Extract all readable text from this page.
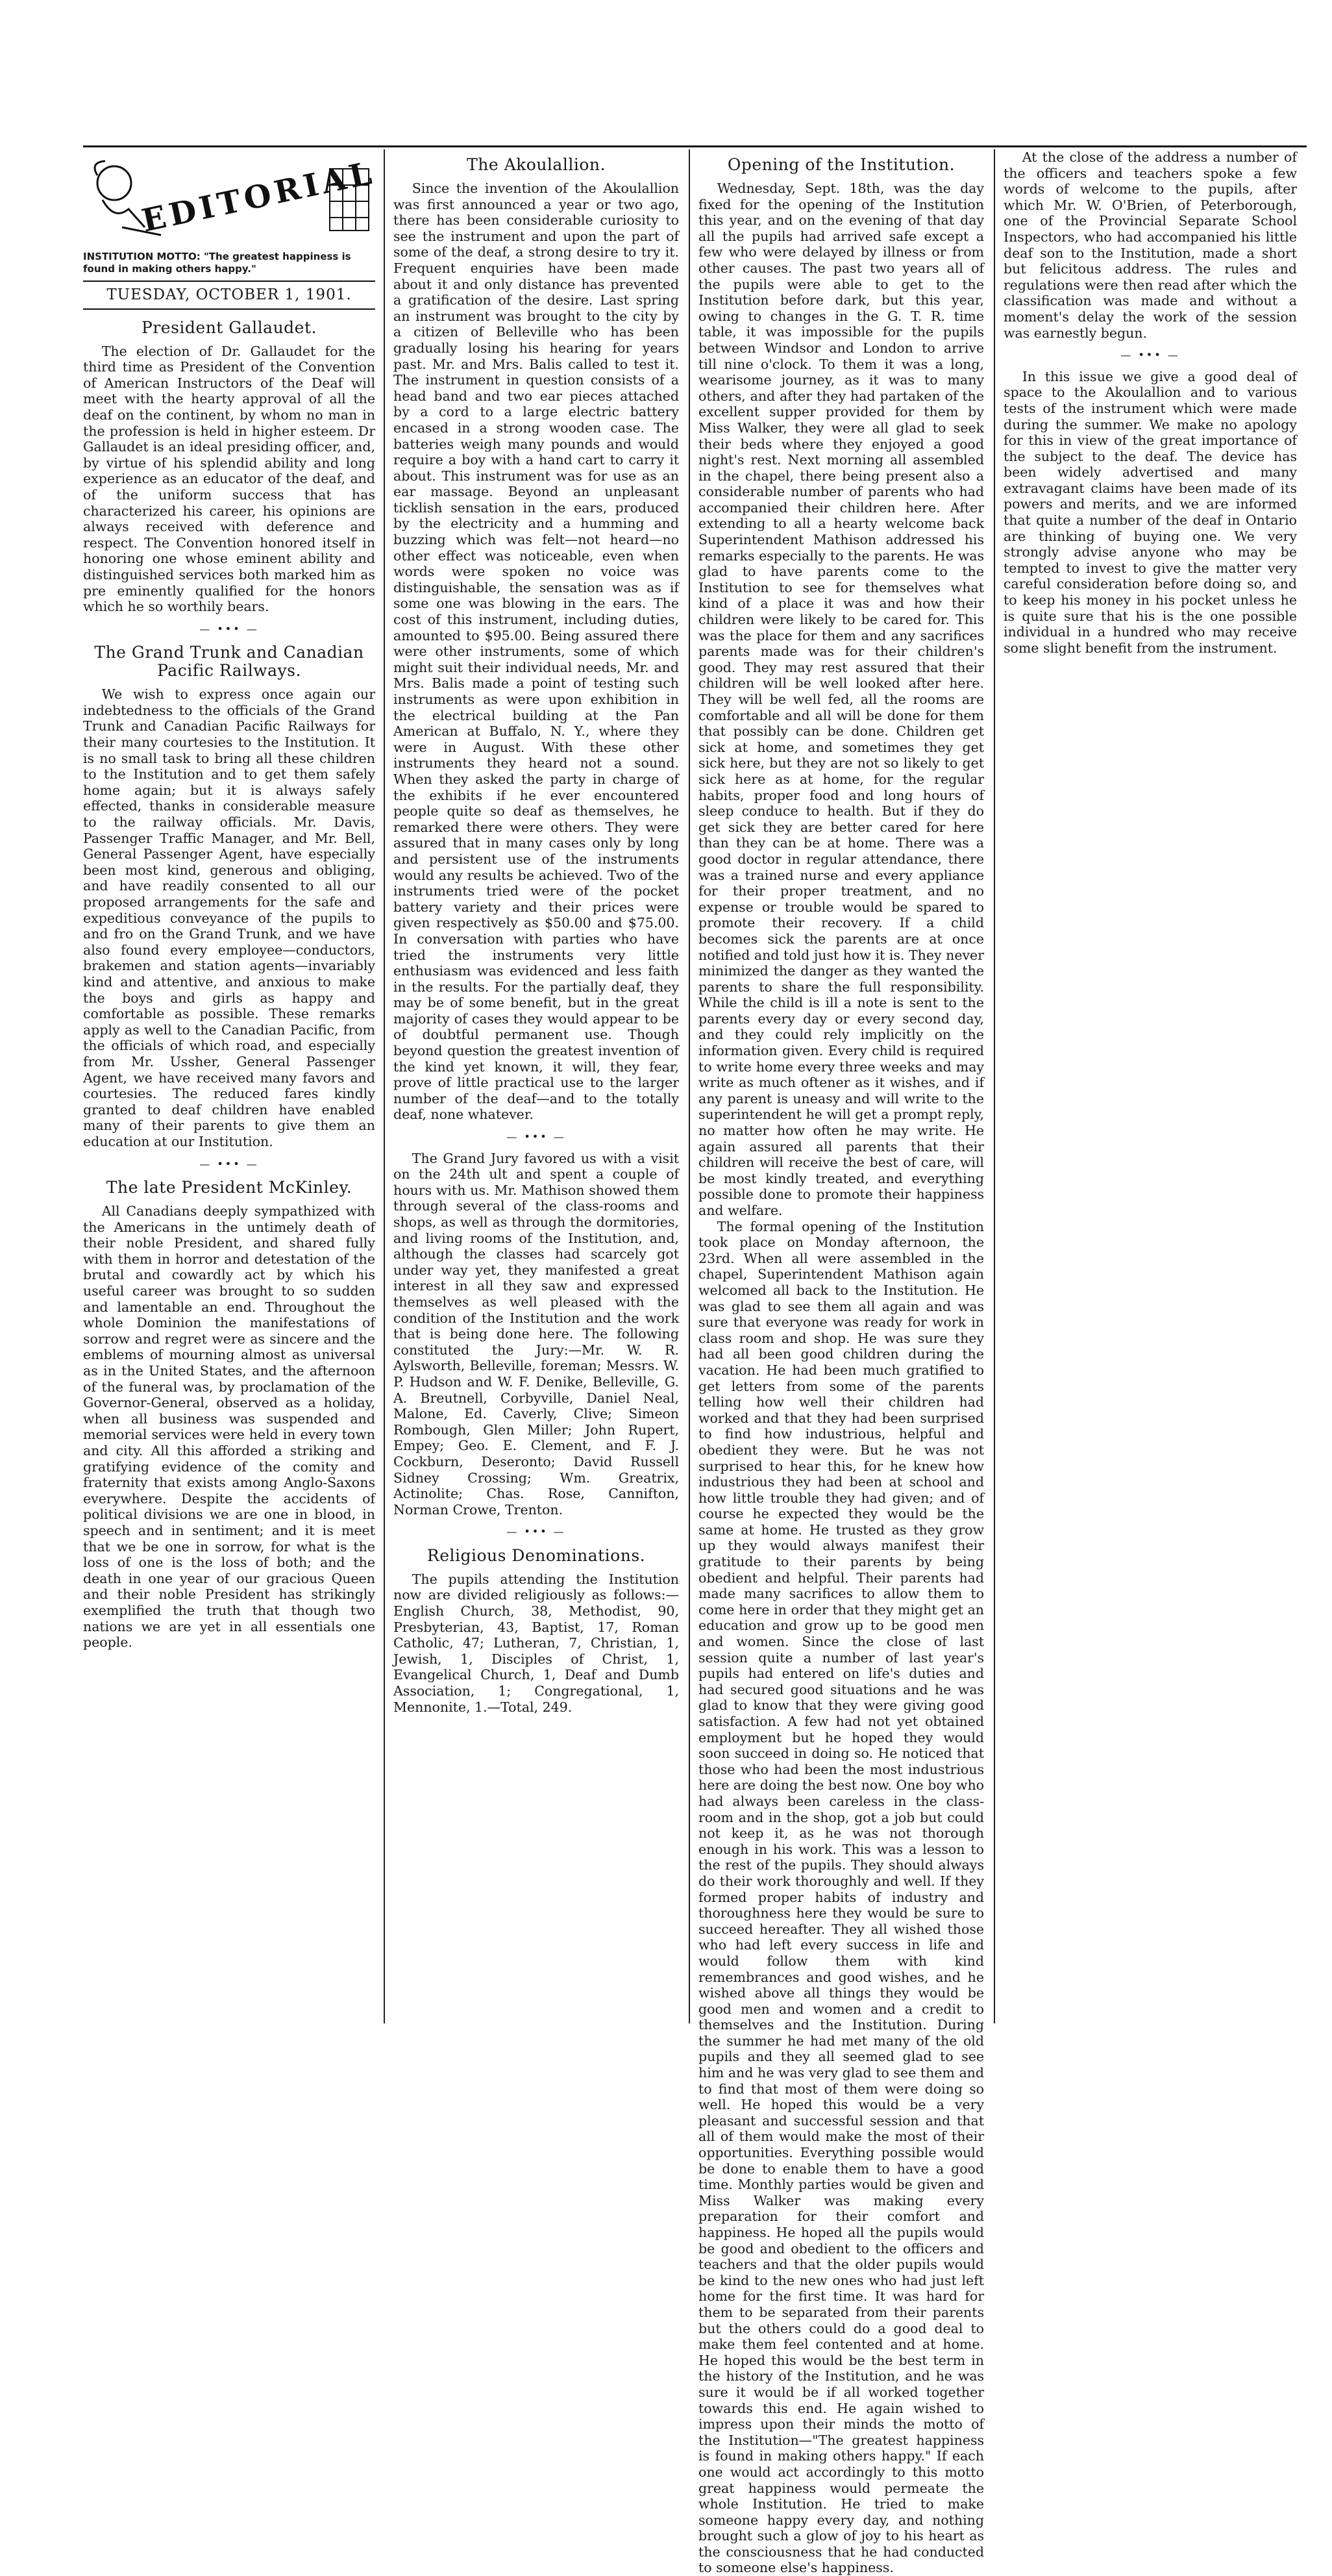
EDITORIAL
INSTITUTION MOTTO: "The greatest happiness is found in making others happy."
TUESDAY, OCTOBER 1, 1901.
President Gallaudet.

The election of Dr. Gallaudet for the third time as President of the Convention of American Instructors of the Deaf will meet with the hearty approval of all the deaf on the continent, by whom no man in the profession is held in higher esteem. Dr Gallaudet is an ideal presiding officer, and, by virtue of his splendid ability and long experience as an educator of the deaf, and of the uniform success that has characterized his career, his opinions are always received with deference and respect. The Convention honored itself in honoring one whose eminent ability and distinguished services both marked him as pre eminently qualified for the honors which he so worthily bears.

— ••• —
The Grand Trunk and Canadian Pacific Railways.

We wish to express once again our indebtedness to the officials of the Grand Trunk and Canadian Pacific Railways for their many courtesies to the Institution. It is no small task to bring all these children to the Institution and to get them safely home again; but it is always safely effected, thanks in considerable measure to the railway officials. Mr. Davis, Passenger Traffic Manager, and Mr. Bell, General Passenger Agent, have especially been most kind, generous and obliging, and have readily consented to all our proposed arrangements for the safe and expeditious conveyance of the pupils to and fro on the Grand Trunk, and we have also found every employee—conductors, brakemen and station agents—invariably kind and attentive, and anxious to make the boys and girls as happy and comfortable as possible. These remarks apply as well to the Canadian Pacific, from the officials of which road, and especially from Mr. Ussher, General Passenger Agent, we have received many favors and courtesies. The reduced fares kindly granted to deaf children have enabled many of their parents to give them an education at our Institution.

— ••• —
The late President McKinley.

All Canadians deeply sympathized with the Americans in the untimely death of their noble President, and shared fully with them in horror and detestation of the brutal and cowardly act by which his useful career was brought to so sudden and lamentable an end. Throughout the whole Dominion the manifestations of sorrow and regret were as sincere and the emblems of mourning almost as universal as in the United States, and the afternoon of the funeral was, by proclamation of the Governor-General, observed as a holiday, when all business was suspended and memorial services were held in every town and city. All this afforded a striking and gratifying evidence of the comity and fraternity that exists among Anglo-Saxons everywhere. Despite the accidents of political divisions we are one in blood, in speech and in sentiment; and it is meet that we be one in sorrow, for what is the loss of one is the loss of both; and the death in one year of our gracious Queen and their noble President has strikingly exemplified the truth that though two nations we are yet in all essentials one people.

The Akoulallion.

Since the invention of the Akoulallion was first announced a year or two ago, there has been considerable curiosity to see the instrument and upon the part of some of the deaf, a strong desire to try it. Frequent enquiries have been made about it and only distance has prevented a gratification of the desire. Last spring an instrument was brought to the city by a citizen of Belleville who has been gradually losing his hearing for years past. Mr. and Mrs. Balis called to test it. The instrument in question consists of a head band and two ear pieces attached by a cord to a large electric battery encased in a strong wooden case. The batteries weigh many pounds and would require a boy with a hand cart to carry it about. This instrument was for use as an ear massage. Beyond an unpleasant ticklish sensation in the ears, produced by the electricity and a humming and buzzing which was felt—not heard—no other effect was noticeable, even when words were spoken no voice was distinguishable, the sensation was as if some one was blowing in the ears. The cost of this instrument, including duties, amounted to $95.00. Being assured there were other instruments, some of which might suit their individual needs, Mr. and Mrs. Balis made a point of testing such instruments as were upon exhibition in the electrical building at the Pan American at Buffalo, N. Y., where they were in August. With these other instruments they heard not a sound. When they asked the party in charge of the exhibits if he ever encountered people quite so deaf as themselves, he remarked there were others. They were assured that in many cases only by long and persistent use of the instruments would any results be achieved. Two of the instruments tried were of the pocket battery variety and their prices were given respectively as $50.00 and $75.00. In conversation with parties who have tried the instruments very little enthusiasm was evidenced and less faith in the results. For the partially deaf, they may be of some benefit, but in the great majority of cases they would appear to be of doubtful permanent use. Though beyond question the greatest invention of the kind yet known, it will, they fear, prove of little practical use to the larger number of the deaf—and to the totally deaf, none whatever.

— ••• —

The Grand Jury favored us with a visit on the 24th ult and spent a couple of hours with us. Mr. Mathison showed them through several of the class-rooms and shops, as well as through the dormitories, and living rooms of the Institution, and, although the classes had scarcely got under way yet, they manifested a great interest in all they saw and expressed themselves as well pleased with the condition of the Institution and the work that is being done here. The following constituted the Jury:—Mr. W. R. Aylsworth, Belleville, foreman; Messrs. W. P. Hudson and W. F. Denike, Belleville, G. A. Breutnell, Corbyville, Daniel Neal, Malone, Ed. Caverly, Clive; Simeon Rombough, Glen Miller; John Rupert, Empey; Geo. E. Clement, and F. J. Cockburn, Deseronto; David Russell Sidney Crossing; Wm. Greatrix, Actinolite; Chas. Rose, Cannifton, Norman Crowe, Trenton.

— ••• —
Religious Denominations.

The pupils attending the Institution now are divided religiously as follows:—English Church, 38, Methodist, 90, Presbyterian, 43, Baptist, 17, Roman Catholic, 47; Lutheran, 7, Christian, 1, Jewish, 1, Disciples of Christ, 1, Evangelical Church, 1, Deaf and Dumb Association, 1; Congregational, 1, Mennonite, 1.—Total, 249.

Opening of the Institution.

Wednesday, Sept. 18th, was the day fixed for the opening of the Institution this year, and on the evening of that day all the pupils had arrived safe except a few who were delayed by illness or from other causes. The past two years all of the pupils were able to get to the Institution before dark, but this year, owing to changes in the G. T. R. time table, it was impossible for the pupils between Windsor and London to arrive till nine o'clock. To them it was a long, wearisome journey, as it was to many others, and after they had partaken of the excellent supper provided for them by Miss Walker, they were all glad to seek their beds where they enjoyed a good night's rest. Next morning all assembled in the chapel, there being present also a considerable number of parents who had accompanied their children here. After extending to all a hearty welcome back Superintendent Mathison addressed his remarks especially to the parents. He was glad to have parents come to the Institution to see for themselves what kind of a place it was and how their children were likely to be cared for. This was the place for them and any sacrifices parents made was for their children's good. They may rest assured that their children will be well looked after here. They will be well fed, all the rooms are comfortable and all will be done for them that possibly can be done. Children get sick at home, and sometimes they get sick here, but they are not so likely to get sick here as at home, for the regular habits, proper food and long hours of sleep conduce to health. But if they do get sick they are better cared for here than they can be at home. There was a good doctor in regular attendance, there was a trained nurse and every appliance for their proper treatment, and no expense or trouble would be spared to promote their recovery. If a child becomes sick the parents are at once notified and told just how it is. They never minimized the danger as they wanted the parents to share the full responsibility. While the child is ill a note is sent to the parents every day or every second day, and they could rely implicitly on the information given. Every child is required to write home every three weeks and may write as much oftener as it wishes, and if any parent is uneasy and will write to the superintendent he will get a prompt reply, no matter how often he may write. He again assured all parents that their children will receive the best of care, will be most kindly treated, and everything possible done to promote their happiness and welfare.

The formal opening of the Institution took place on Monday afternoon, the 23rd. When all were assembled in the chapel, Superintendent Mathison again welcomed all back to the Institution. He was glad to see them all again and was sure that everyone was ready for work in class room and shop. He was sure they had all been good children during the vacation. He had been much gratified to get letters from some of the parents telling how well their children had worked and that they had been surprised to find how industrious, helpful and obedient they were. But he was not surprised to hear this, for he knew how industrious they had been at school and how little trouble they had given; and of course he expected they would be the same at home. He trusted as they grow up they would always manifest their gratitude to their parents by being obedient and helpful. Their parents had made many sacrifices to allow them to come here in order that they might get an education and grow up to be good men and women. Since the close of last session quite a number of last year's pupils had entered on life's duties and had secured good situations and he was glad to know that they were giving good satisfaction. A few had not yet obtained employment but he hoped they would soon succeed in doing so. He noticed that those who had been the most industrious here are doing the best now. One boy who had always been careless in the class-room and in the shop, got a job but could not keep it, as he was not thorough enough in his work. This was a lesson to the rest of the pupils. They should always do their work thoroughly and well. If they formed proper habits of industry and thoroughness here they would be sure to succeed hereafter. They all wished those who had left every success in life and would follow them with kind remembrances and good wishes, and he wished above all things they would be good men and women and a credit to themselves and the Institution. During the summer he had met many of the old pupils and they all seemed glad to see him and he was very glad to see them and to find that most of them were doing so well. He hoped this would be a very pleasant and successful session and that all of them would make the most of their opportunities. Everything possible would be done to enable them to have a good time. Monthly parties would be given and Miss Walker was making every preparation for their comfort and happiness. He hoped all the pupils would be good and obedient to the officers and teachers and that the older pupils would be kind to the new ones who had just left home for the first time. It was hard for them to be separated from their parents but the others could do a good deal to make them feel contented and at home. He hoped this would be the best term in the history of the Institution, and he was sure it would be if all worked together towards this end. He again wished to impress upon their minds the motto of the Institution—"The greatest happiness is found in making others happy." If each one would act accordingly to this motto great happiness would permeate the whole Institution. He tried to make someone happy every day, and nothing brought such a glow of joy to his heart as the consciousness that he had conducted to someone else's happiness.

At the close of the address a number of the officers and teachers spoke a few words of welcome to the pupils, after which Mr. W. O'Brien, of Peterborough, one of the Provincial Separate School Inspectors, who had accompanied his little deaf son to the Institution, made a short but felicitous address. The rules and regulations were then read after which the classification was made and without a moment's delay the work of the session was earnestly begun.

— ••• —

In this issue we give a good deal of space to the Akoulallion and to various tests of the instrument which were made during the summer. We make no apology for this in view of the great importance of the subject to the deaf. The device has been widely advertised and many extravagant claims have been made of its powers and merits, and we are informed that quite a number of the deaf in Ontario are thinking of buying one. We very strongly advise anyone who may be tempted to invest to give the matter very careful consideration before doing so, and to keep his money in his pocket unless he is quite sure that his is the one possible individual in a hundred who may receive some slight benefit from the instrument.
